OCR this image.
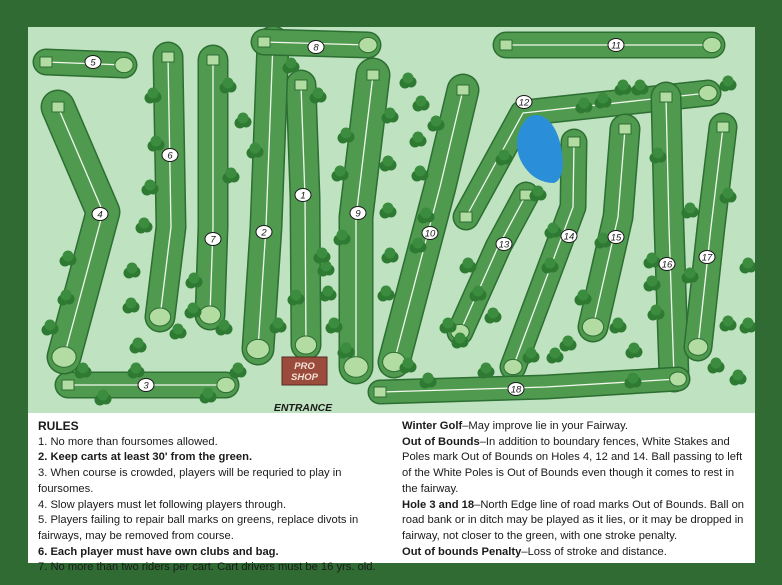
PRO
SHOP
ENTRANCE
1
2
3
4
5
6
7
8
9
10
11
12
13
14	15
16
17
18

RULES

1. No more than foursomes allowed.

2. Keep carts at least 30' from the green.

3. When course is crowded, players will be requried to play in foursomes.

4. Slow players must let following players through.

5. Players failing to repair ball marks on greens, replace divots in fairways, may be removed from course.

6. Each player must have own clubs and bag.

7. No more than two riders per cart. Cart drivers must be 16 yrs. old.

Winter Golf–May improve lie in your Fairway.

Out of Bounds–In addition to boundary fences, White Stakes and Poles mark Out of Bounds on Holes 4, 12 and 14. Ball passing to left of the White Poles is Out of Bounds even though it comes to rest in the fairway.

Hole 3 and 18–North Edge line of road marks Out of Bounds. Ball on road bank or in ditch may be played as it lies, or it may be dropped in fairway, not closer to the green, with one stroke penalty.

Out of bounds Penalty–Loss of stroke and distance.
